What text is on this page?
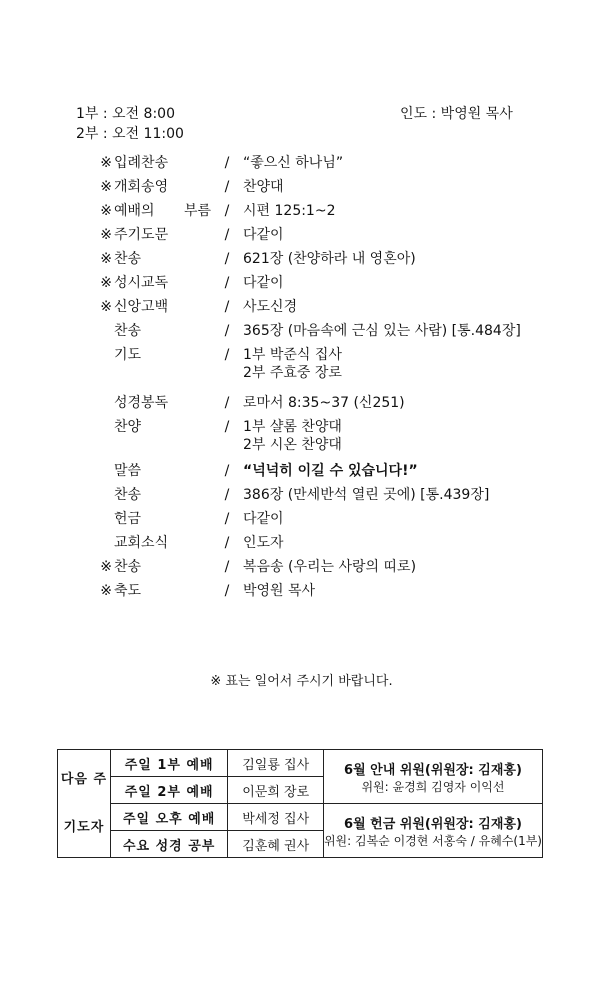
1부 : 오전 8:00
2부 : 오전 11:00
인도 : 박영원 목사
※ 입례찬송	/ “좋으신 하나님”
※ 개회송영	/ 찬양대
※ 예배의 부름 / 시편 125:1~2
※ 주기도문	/ 다같이
※ 찬송	/ 621장 (찬양하라 내 영혼아)
※ 성시교독	/ 다같이
※ 신앙고백	/ 사도신경
찬송	/ 365장 (마음속에 근심 있는 사람) [통.484장]
기도	/ 1부 박준식 집사
2부 주효중 장로
성경봉독	/ 로마서 8:35~37 (신251)
찬양	/ 1부 샬롬 찬양대
2부 시온 찬양대
말씀	/ “넉넉히 이길 수 있습니다!”
찬송	/ 386장 (만세반석 열린 곳에) [통.439장]
헌금	/ 다같이
교회소식	/ 인도자
※ 찬송	/ 복음송 (우리는 사랑의 띠로)
※ 축도	/ 박영원 목사
※ 표는 일어서 주시기 바랍니다.
다음 주

기도자	주일 1부 예배	김일룡 집사	6월 안내 위원(위원장: 김재홍)
위원: 윤경희 김영자 이익선

	주일 2부 예배	이문희 장로	
	주일 오후 예배	박세정 집사	6월 헌금 위원(위원장: 김재홍)
위원: 김복순 이경현 서홍숙 / 유혜수(1부)

	수요 성경 공부	김훈혜 권사	
